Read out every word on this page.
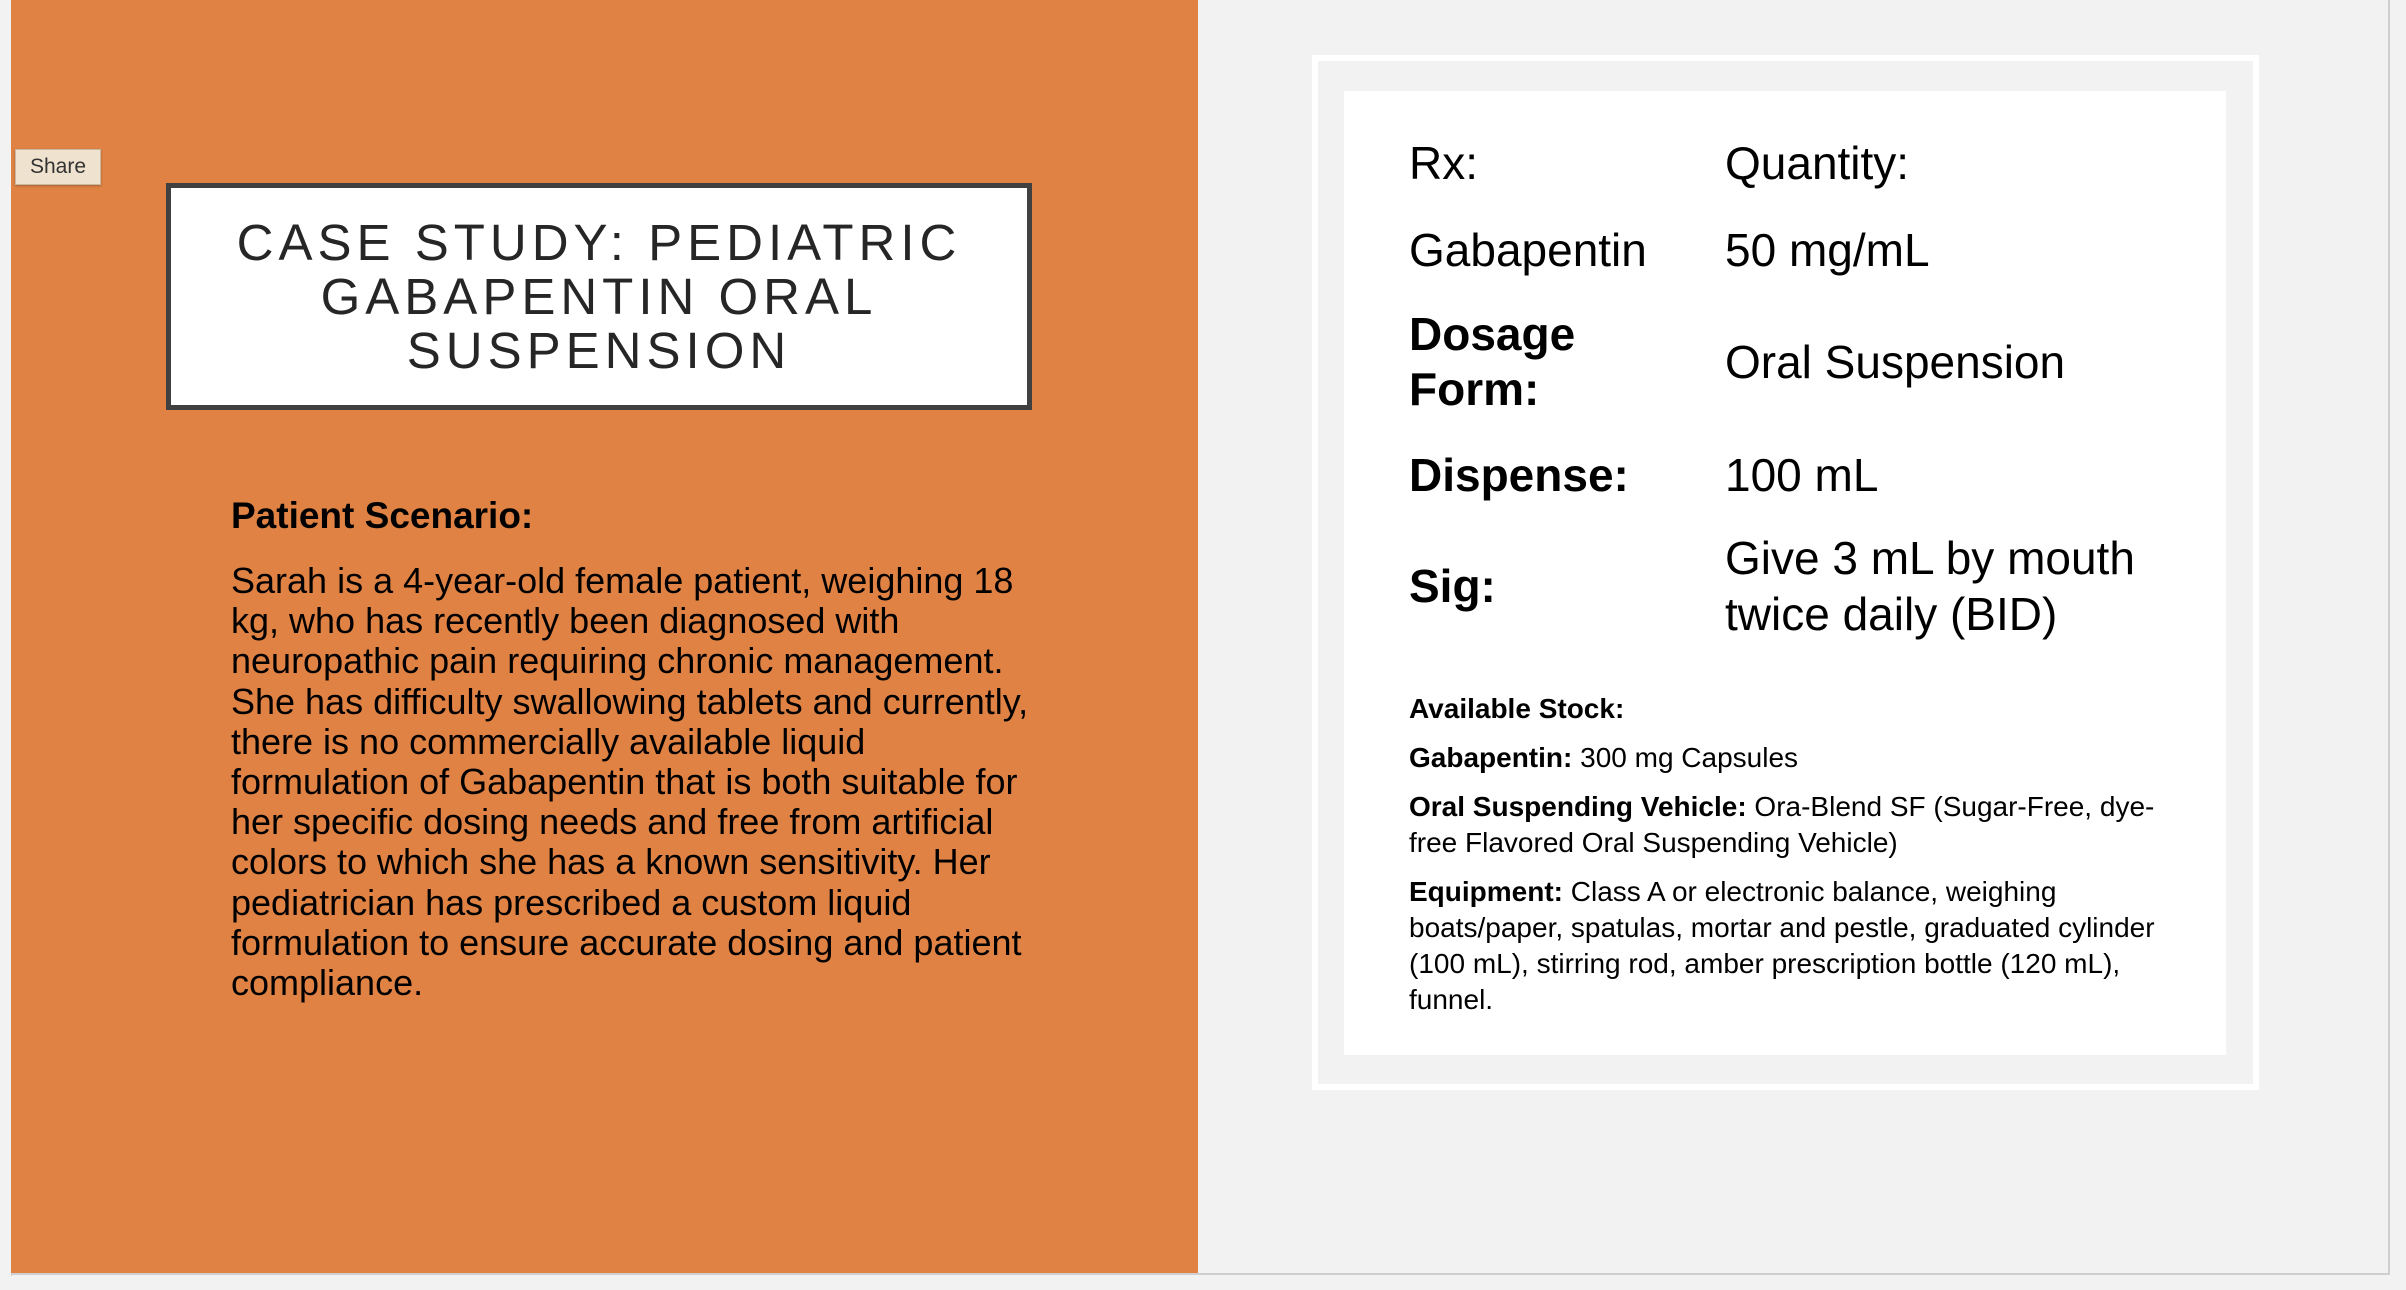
Share
CASE STUDY: PEDIATRIC GABAPENTIN ORAL SUSPENSION
Patient Scenario:
Sarah is a 4-year-old female patient, weighing 18 kg, who has recently been diagnosed with neuropathic pain requiring chronic management. She has difficulty swallowing tablets and currently, there is no commercially available liquid formulation of Gabapentin that is both suitable for her specific dosing needs and free from artificial colors to which she has a known sensitivity. Her pediatrician has prescribed a custom liquid formulation to ensure accurate dosing and patient compliance.
Rx:	Quantity:
Gabapentin	50 mg/mL
Dosage Form:
Oral Suspension
Dispense:	100 mL
Sig:
Give 3 mL by mouth twice daily (BID)

Available Stock:

Gabapentin: 300 mg Capsules

Oral Suspending Vehicle: Ora-Blend SF (Sugar-Free, dye-free Flavored Oral Suspending Vehicle)

Equipment: Class A or electronic balance, weighing boats/paper, spatulas, mortar and pestle, graduated cylinder (100 mL), stirring rod, amber prescription bottle (120 mL), funnel.
